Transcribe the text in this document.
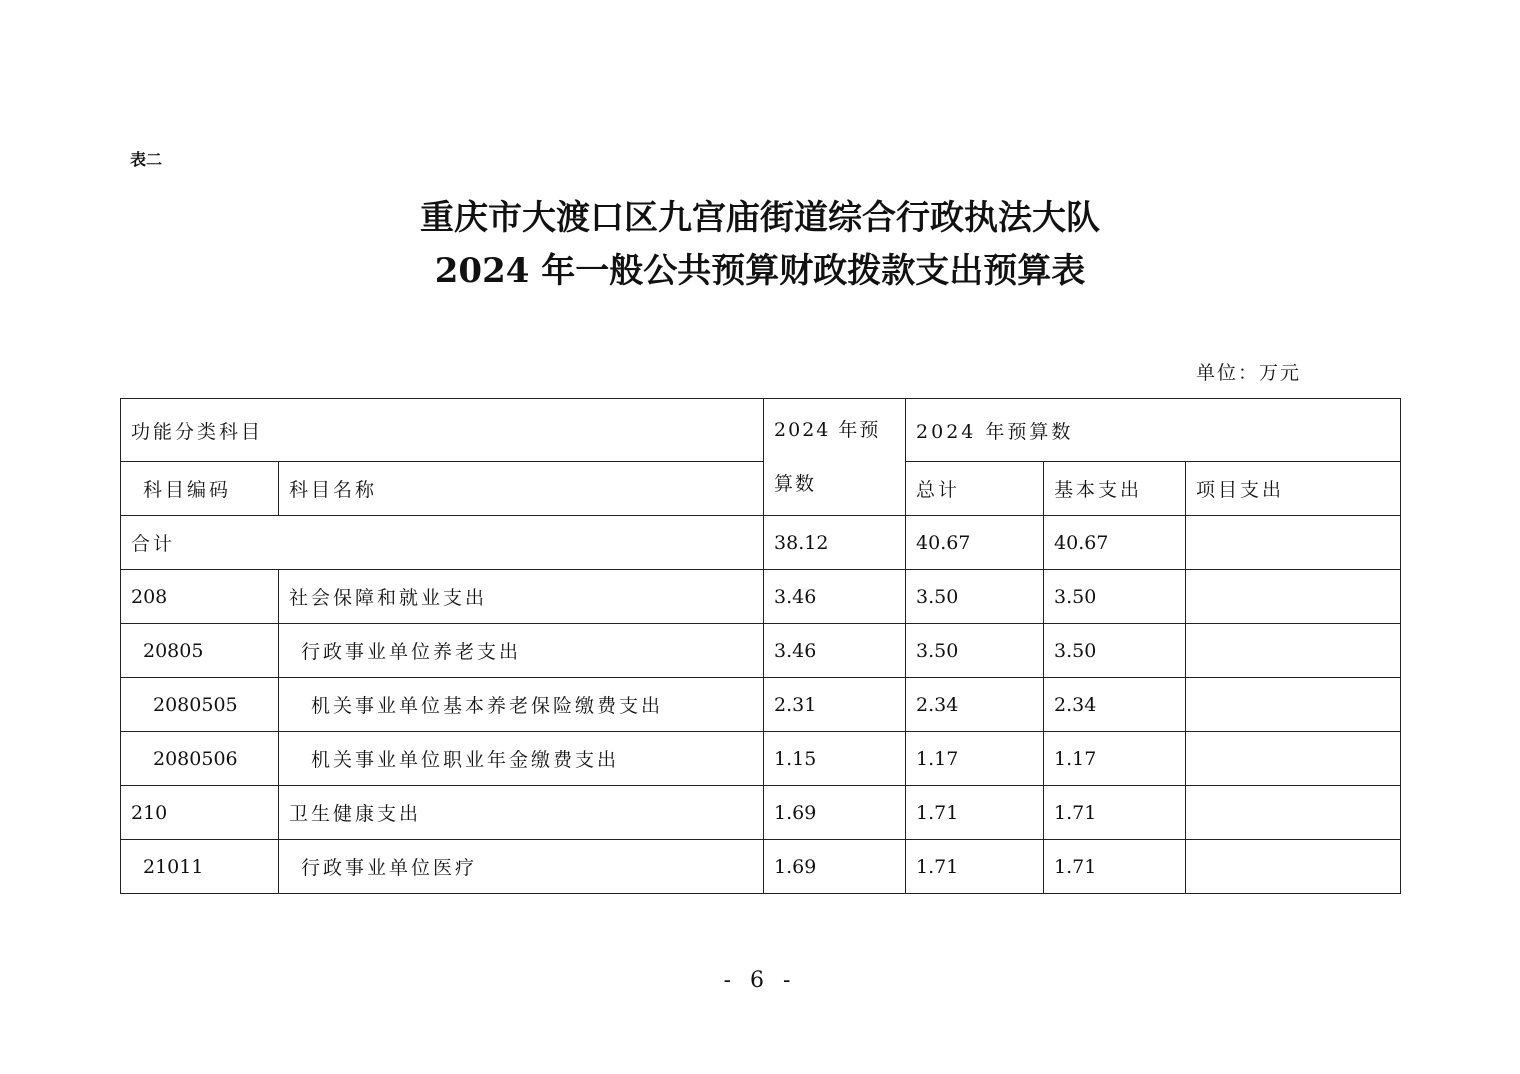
表二
重庆市大渡口区九宫庙街道综合行政执法大队
2024 年一般公共预算财政拨款支出预算表
单位：万元
功能分类科目		2024 年预算数	2024 年预算数		
科目编码	科目名称		总计	基本支出	项目支出
合计		38.12	40.67	40.67	
208	社会保障和就业支出	3.46	3.50	3.50	
20805	行政事业单位养老支出	3.46	3.50	3.50	
2080505	机关事业单位基本养老保险缴费支出	2.31	2.34	2.34	
2080506	机关事业单位职业年金缴费支出	1.15	1.17	1.17	
210	卫生健康支出	1.69	1.71	1.71	
21011	行政事业单位医疗	1.69	1.71	1.71	
- 6 -
